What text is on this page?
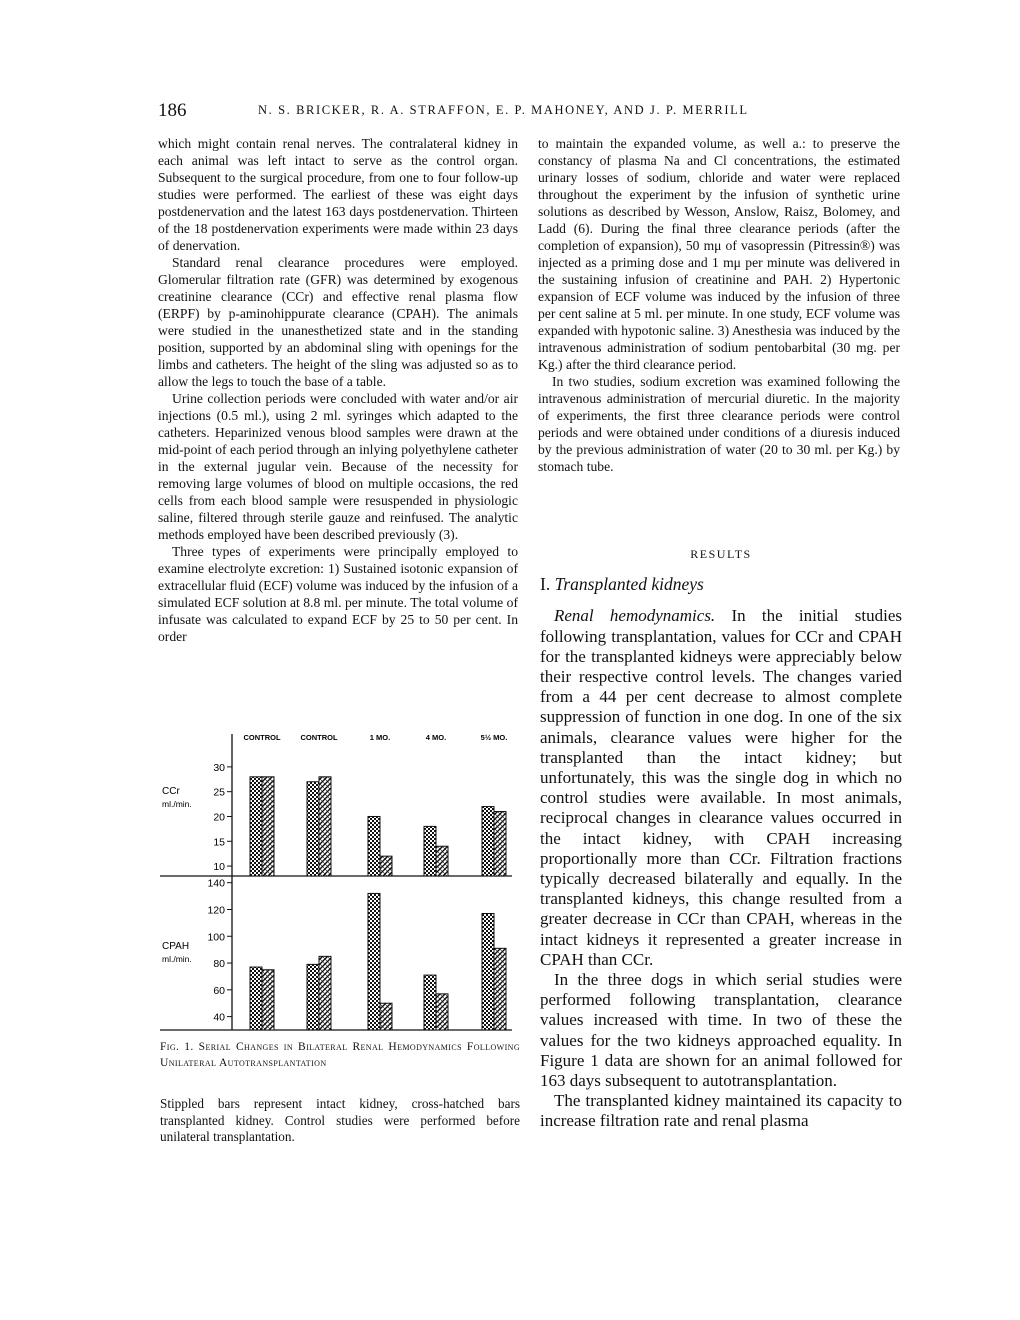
186	N. S. BRICKER, R. A. STRAFFON, E. P. MAHONEY, AND J. P. MERRILL

which might contain renal nerves. The contralateral kidney in each animal was left intact to serve as the control organ. Subsequent to the surgical procedure, from one to four follow-up studies were performed. The earliest of these was eight days postdenervation and the latest 163 days postdenervation. Thirteen of the 18 postdenervation experiments were made within 23 days of denervation.

Standard renal clearance procedures were employed. Glomerular filtration rate (GFR) was determined by exogenous creatinine clearance (CCr) and effective renal plasma flow (ERPF) by p-aminohippurate clearance (CPAH). The animals were studied in the unanesthetized state and in the standing position, supported by an abdominal sling with openings for the limbs and catheters. The height of the sling was adjusted so as to allow the legs to touch the base of a table.

Urine collection periods were concluded with water and/or air injections (0.5 ml.), using 2 ml. syringes which adapted to the catheters. Heparinized venous blood samples were drawn at the mid-point of each period through an inlying polyethylene catheter in the external jugular vein. Because of the necessity for removing large volumes of blood on multiple occasions, the red cells from each blood sample were resuspended in physiologic saline, filtered through sterile gauze and reinfused. The analytic methods employed have been described previously (3).

Three types of experiments were principally employed to examine electrolyte excretion: 1) Sustained isotonic expansion of extracellular fluid (ECF) volume was induced by the infusion of a simulated ECF solution at 8.8 ml. per minute. The total volume of infusate was calculated to expand ECF by 25 to 50 per cent. In order

CONTROL	CONTROL	1 MO.	4 MO.	5½ MO.
30
25
20
15
10
CCr
ml./min.
140
120
100
80
60
40
CPAH
ml./min.
Fig. 1. Serial Changes in Bilateral Renal Hemodynamics Following Unilateral Autotransplantation
Stippled bars represent intact kidney, cross-hatched bars transplanted kidney. Control studies were performed before unilateral transplantation.

to maintain the expanded volume, as well a.: to preserve the constancy of plasma Na and Cl concentrations, the estimated urinary losses of sodium, chloride and water were replaced throughout the experiment by the infusion of synthetic urine solutions as described by Wesson, Anslow, Raisz, Bolomey, and Ladd (6). During the final three clearance periods (after the completion of expansion), 50 mμ of vasopressin (Pitressin®) was injected as a priming dose and 1 mμ per minute was delivered in the sustaining infusion of creatinine and PAH. 2) Hypertonic expansion of ECF volume was induced by the infusion of three per cent saline at 5 ml. per minute. In one study, ECF volume was expanded with hypotonic saline. 3) Anesthesia was induced by the intravenous administration of sodium pentobarbital (30 mg. per Kg.) after the third clearance period.

In two studies, sodium excretion was examined following the intravenous administration of mercurial diuretic. In the majority of experiments, the first three clearance periods were control periods and were obtained under conditions of a diuresis induced by the previous administration of water (20 to 30 ml. per Kg.) by stomach tube.

RESULTS
I. Transplanted kidneys

Renal hemodynamics. In the initial studies following transplantation, values for CCr and CPAH for the transplanted kidneys were appreciably below their respective control levels. The changes varied from a 44 per cent decrease to almost complete suppression of function in one dog. In one of the six animals, clearance values were higher for the transplanted than the intact kidney; but unfortunately, this was the single dog in which no control studies were available. In most animals, reciprocal changes in clearance values occurred in the intact kidney, with CPAH increasing proportionally more than CCr. Filtration fractions typically decreased bilaterally and equally. In the transplanted kidneys, this change resulted from a greater decrease in CCr than CPAH, whereas in the intact kidneys it represented a greater increase in CPAH than CCr.

In the three dogs in which serial studies were performed following transplantation, clearance values increased with time. In two of these the values for the two kidneys approached equality. In Figure 1 data are shown for an animal followed for 163 days subsequent to autotransplantation.

The transplanted kidney maintained its capacity to increase filtration rate and renal plasma
